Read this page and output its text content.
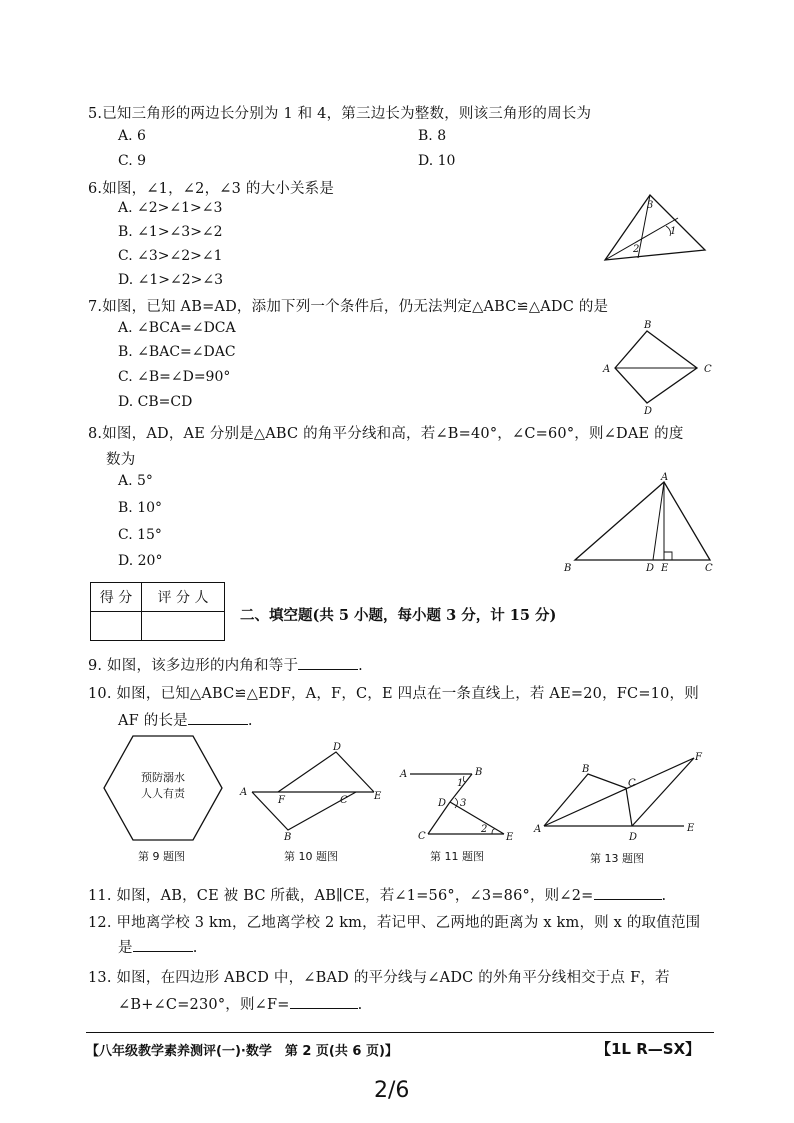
5.已知三角形的两边长分别为 1 和 4，第三边长为整数，则该三角形的周长为
A. 6	B. 8
C. 9	D. 10
6.如图，∠1，∠2，∠3 的大小关系是
A. ∠2>∠1>∠3
B. ∠1>∠3>∠2
C. ∠3>∠2>∠1
D. ∠1>∠2>∠3
3
2
1
7.如图，已知 AB=AD，添加下列一个条件后，仍无法判定△ABC≌△ADC 的是
A. ∠BCA=∠DCA
B. ∠BAC=∠DAC
C. ∠B=∠D=90°
D. CB=CD
B
A	C
D
8.如图，AD，AE 分别是△ABC 的角平分线和高，若∠B=40°，∠C=60°，则∠DAE 的度
数为
A. 5°
B. 10°
C. 15°
D. 20°
A
B	D E	C
得 分	评 分 人

二、填空题(共 5 小题，每小题 3 分，计 15 分)
9. 如图，该多边形的内角和等于	.
10. 如图，已知△ABC≌△EDF，A，F，C，E 四点在一条直线上，若 AE=20，FC=10，则
AF 的长是	.
预防溺水
人人有责
第 9 题图
A
F	C	E
D
B
第 10 题图
A	B
1
D 3
C
2
E
第 11 题图
A
B
C
D
E
F
第 13 题图
11. 如图，AB，CE 被 BC 所截，AB∥CE，若∠1=56°，∠3=86°，则∠2=	.
12. 甲地离学校 3 km，乙地离学校 2 km，若记甲、乙两地的距离为 x km，则 x 的取值范围
是	.
13. 如图，在四边形 ABCD 中，∠BAD 的平分线与∠ADC 的外角平分线相交于点 F，若
∠B+∠C=230°，则∠F=	.
【八年级教学素养测评(一)·数学　第 2 页(共 6 页)】	【1L R—SX】
2/6
